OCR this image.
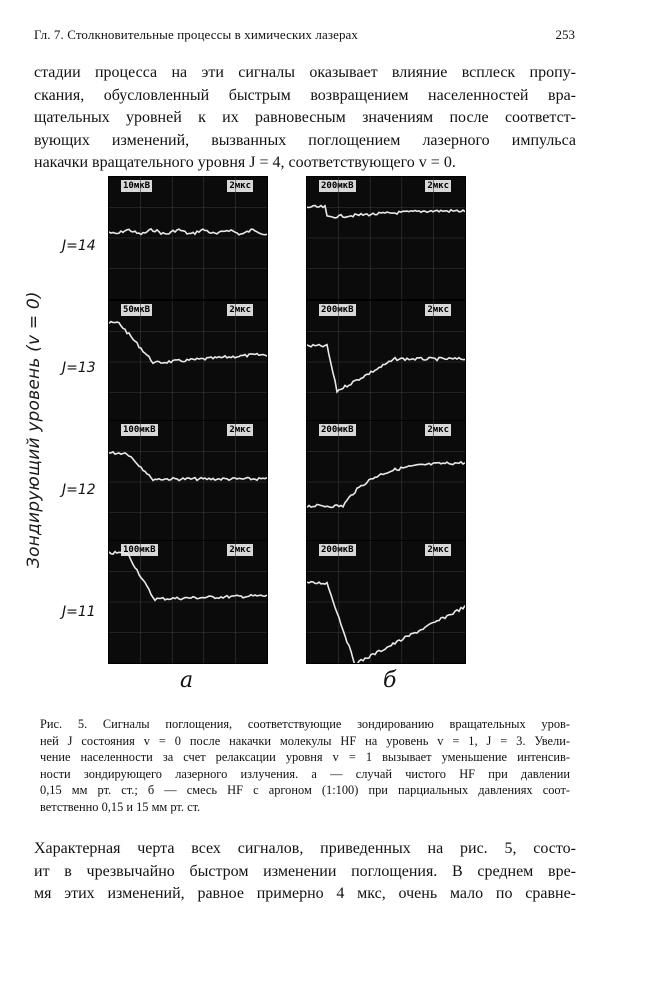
Гл. 7. Столкновительные процессы в химических лазерах	253

стадии процесса на эти сигналы оказывает влияние всплеск пропу-
скания, обусловленный быстрым возвращением населенностей вра-
щательных уровней к их равновесным значениям после соответст-
вующих изменений, вызванных поглощением лазерного импульса
накачки вращательного уровня J = 4, соответствующего v = 0.

Зондирующий уровень (v = 0)
J=14
J=13
J=12
J=11
10мкВ	2мкс
50мкВ	2мкс
100мкВ	2мкс
100мкВ	2мкс
200мкВ	2мкс
200мкВ	2мкс
200мкВ	2мкс
200мкВ	2мкс
а	б

Рис. 5. Сигналы поглощения, соответствующие зондированию вращательных уров-
ней J состояния v = 0 после накачки молекулы HF на уровень v = 1, J = 3. Увели-
чение населенности за счет релаксации уровня v = 1 вызывает уменьшение интенсив-
ности зондирующего лазерного излучения. а — случай чистого HF при давлении
0,15 мм рт. ст.; б — смесь HF с аргоном (1:100) при парциальных давлениях соот-
ветственно 0,15 и 15 мм рт. ст.

Характерная черта всех сигналов, приведенных на рис. 5, состо-
ит в чрезвычайно быстром изменении поглощения. В среднем вре-
мя этих изменений, равное примерно 4 мкс, очень мало по сравне-
